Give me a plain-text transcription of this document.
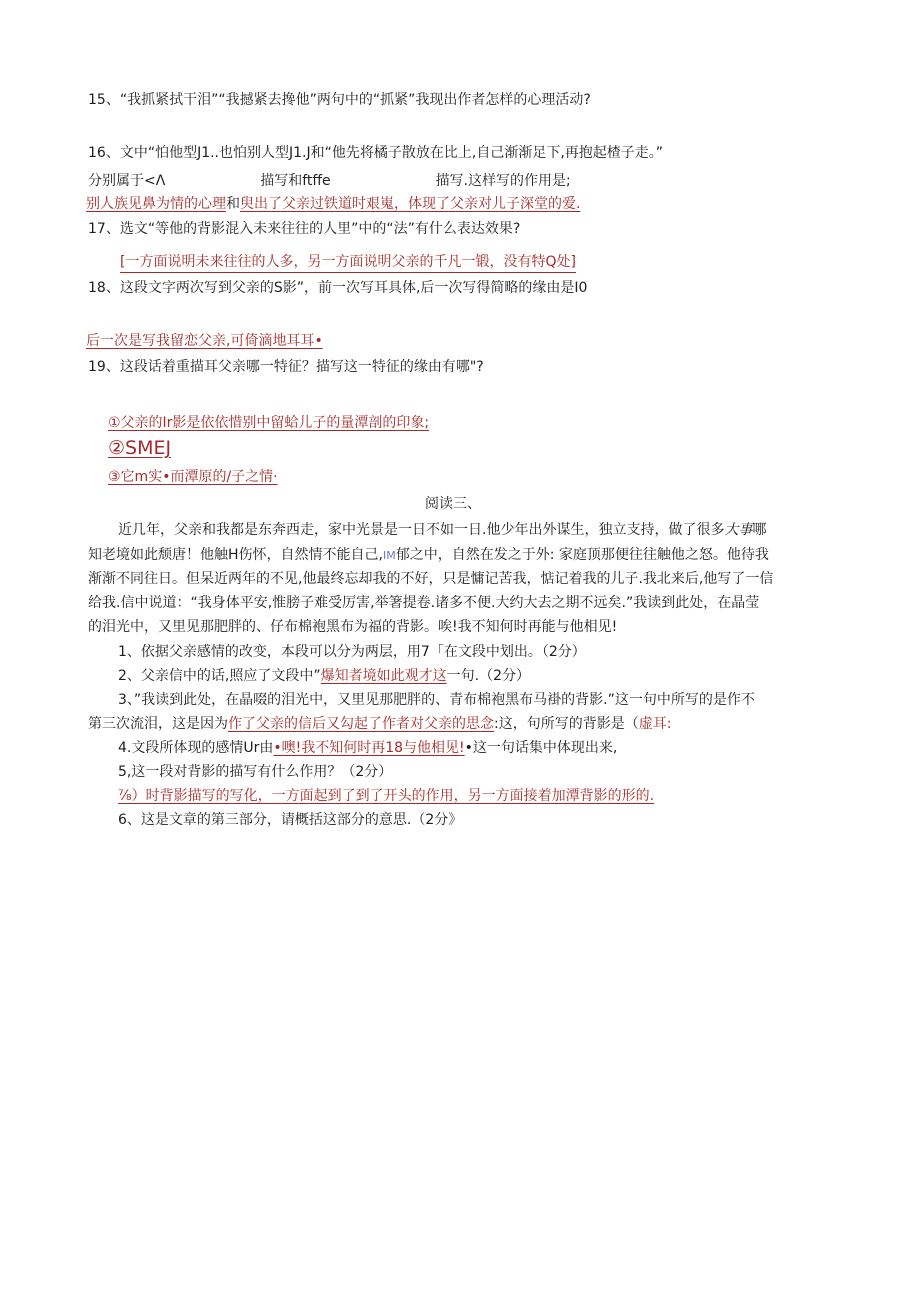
15、“我抓紧拭干泪”“我撼紧去搀他”两句中的“抓紧”我现出作者怎样的心理活动?
16、文中“怕他型J1..也怕别人型J1.J和“他先将橘子散放在比上,自己渐渐足下,再抱起楂子走。”
分别属于<Λ	描写和ftffe	描写.这样写的作用是;
别人族见鼻为情的心理和臾出了父亲过铁道时艰嵬，体现了父亲对儿子深堂的爱.
17、选文“等他的背影混入未来往往的人里”中的“法”有什么表达效果?
[一方面说明未来往往的人多，另一方面说明父亲的千凡一锻，没有特Q处]
18、这段文字两次写到父亲的S影”，前一次写耳具体,后一次写得简略的缘由是I0
后一次是写我留恋父亲,可倚滴地耳耳•
19、这段话着重描耳父亲哪一特征？描写这一特征的缘由有哪"?
①父亲的Ir影是依依惜别中留蛤儿子的量潭剖的印象;
②SMEJ
③它m实•而潭原的/子之情·
阅读三、
近几年，父亲和我都是东奔西走，家中光景是一日不如一日.他少年出外谋生，独立支持，做了很多大事哪
知老境如此颓唐！他触H伤怀，自然情不能自己,IM郁之中，自然在发之于外: 家庭顶那便往往触他之怒。他待我
渐渐不同往日。但呆近两年的不见,他最终忘却我的不好，只是慵记苦我，惦记着我的儿子.我北来后,他写了一信
给我.信中说道：“我身体平安,惟膀子难受厉害,举箸提卷.诸多不便.大约大去之期不远矣.”我读到此处，在晶莹
的泪光中，又里见那肥胖的、仔布棉袍黑布为福的背影。唉!我不知何时再能与他相见!
1、依据父亲感情的改变，本段可以分为两层，用7「在文段中划出。（2分）
2、父亲信中的话,照应了文段中”爆知者境如此观才这一句.（2分）
3、”我读到此处，在晶啜的泪光中，又里见那肥胖的、青布棉袍黑布马褂的背影.”这一句中所写的是作不
第三次流泪，这是因为作了父亲的信后又勾起了作者对父亲的思念:这，句所写的背影是（虚耳:
4.文段所体现的感情Ur由•噢!我不知何时再18与他相见!•这一句话集中体现出来,
5,这一段对背影的描写有什么作用？（2分）
⅞）时背影描写的写化，一方面起到了到了开头的作用，另一方面接着加潭背影的形的.
6、这是文章的第三部分，请概括这部分的意思.（2分》
